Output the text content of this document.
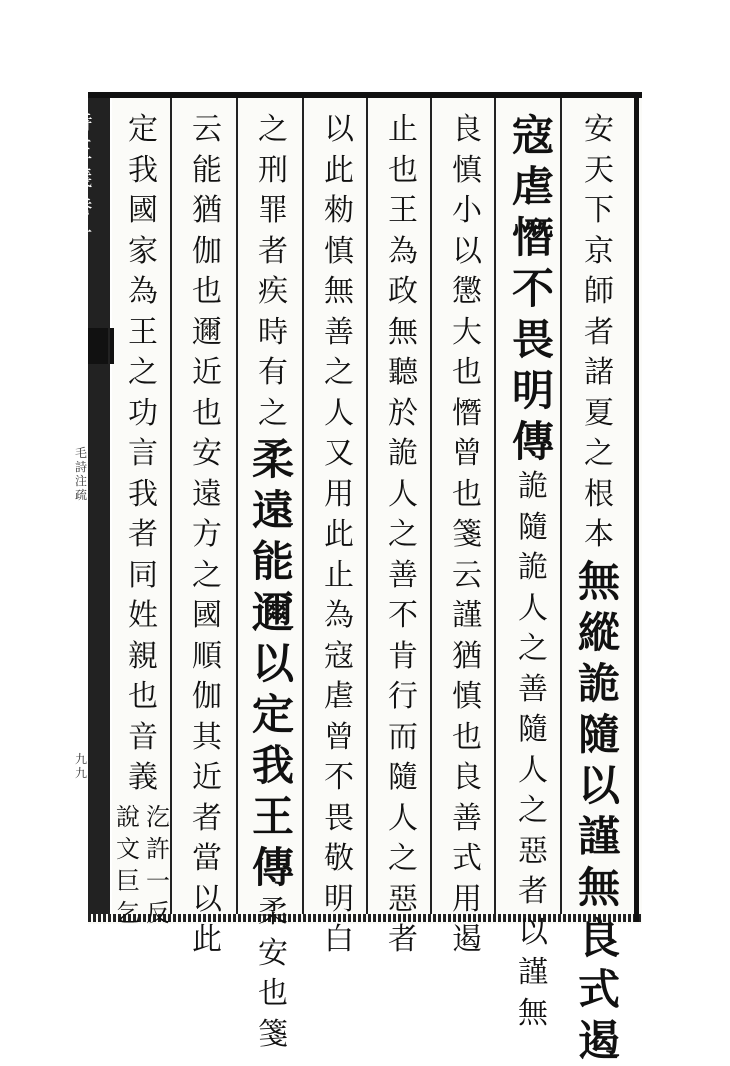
詩正義卷十
毛詩注疏
九九
安
天
下
京
師
者
諸
夏
之
根
本
無
縱
詭
隨
以
謹
無
良
式
遏
寇
虐
憯
不
畏
明
傳
詭
隨
詭
人
之
善
隨
人
之
惡
者
以
謹
無
良
慎
小
以
懲
大
也
憯
曾
也
箋
云
謹
猶
慎
也
良
善
式
用
遏
止
也
王
為
政
無
聽
於
詭
人
之
善
不
肯
行
而
隨
人
之
惡
者
以
此
勑
慎
無
善
之
人
又
用
此
止
為
寇
虐
曾
不
畏
敬
明
白
之
刑
罪
者
疾
時
有
之
柔
遠
能
邇
以
定
我
王
傳
柔
安
也
箋
云
能
猶
伽
也
邇
近
也
安
遠
方
之
國
順
伽
其
近
者
當
以
此
定
我
國
家
為
王
之
功
言
我
者
同
姓
親
也
音
義
汔
許
一
反
說
文
巨
乞
